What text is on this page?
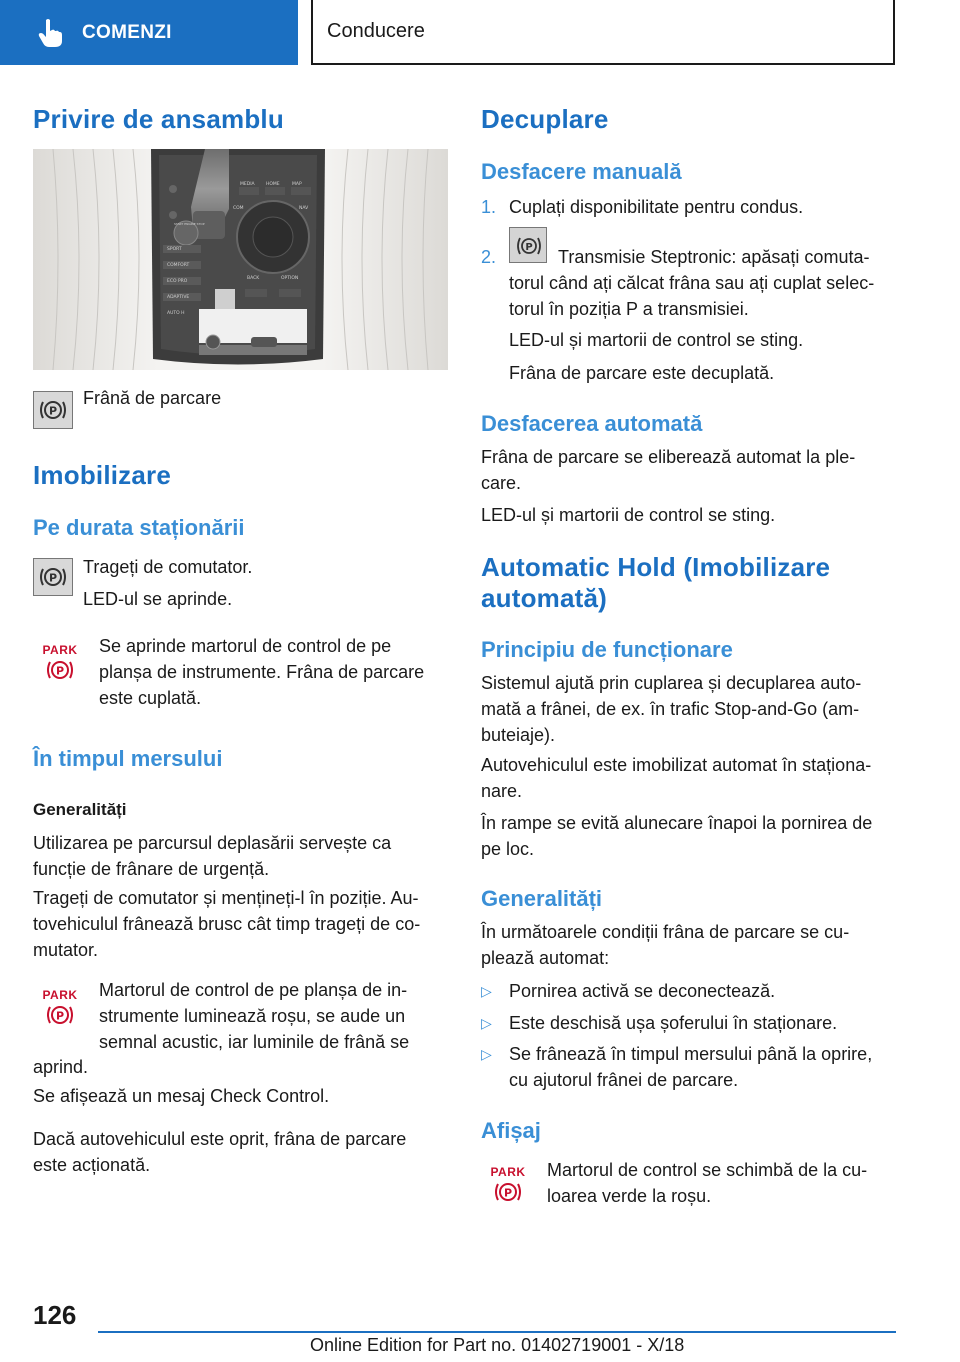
COMENZI	Conducere
Privire de ansamblu
MEDIA	HOME	MAP
COM	NAV
BACK	OPTION
START ENGINE STOP
SPORT
COMFORT
ECO PRO
ADAPTIVE
AUTO H
P

Frână de parcare

Imobilizare
Pe durata staționării
P

Trageți de comutator.

LED-ul se aprinde.

PARK
P

Se aprinde martorul de control de pe

planșa de instrumente. Frâna de parcare

este cuplată.

În timpul mersului
Generalități

Utilizarea pe parcursul deplasării servește ca

funcție de frânare de urgență.

Trageți de comutator și mențineți-l în poziție. Au-

tovehiculul frânează brusc cât timp trageți de co-

mutator.

PARK
P

Martorul de control de pe planșa de in-

strumente luminează roșu, se aude un

semnal acustic, iar luminile de frână se

aprind.

Se afișează un mesaj Check Control.

Dacă autovehiculul este oprit, frâna de parcare

este acționată.

Decuplare
Desfacere manuală
1. Cuplați disponibilitate pentru condus.

2.	P Transmisie Steptronic: apăsați comuta-

torul când ați călcat frâna sau ați cuplat selec-

torul în poziția P a transmisiei.

LED-ul și martorii de control se sting.

Frâna de parcare este decuplată.

Desfacerea automată

Frâna de parcare se eliberează automat la ple-

care.

LED-ul și martorii de control se sting.

Automatic Hold (Imobilizare
automată)
Principiu de funcționare

Sistemul ajută prin cuplarea și decuplarea auto-

mată a frânei, de ex. în trafic Stop-and-Go (am-

buteiaje).

Autovehiculul este imobilizat automat în staționa-

nare.

În rampe se evită alunecare înapoi la pornirea de

pe loc.

Generalități

În următoarele condiții frâna de parcare se cu-

plează automat:

▷ Pornirea activă se deconectează.

▷ Este deschisă ușa șoferului în staționare.

▷ Se frânează în timpul mersului până la oprire,

cu ajutorul frânei de parcare.

Afișaj
PARK
P

Martorul de control se schimbă de la cu-

loarea verde la roșu.

126
Online Edition for Part no. 01402719001 - X/18
